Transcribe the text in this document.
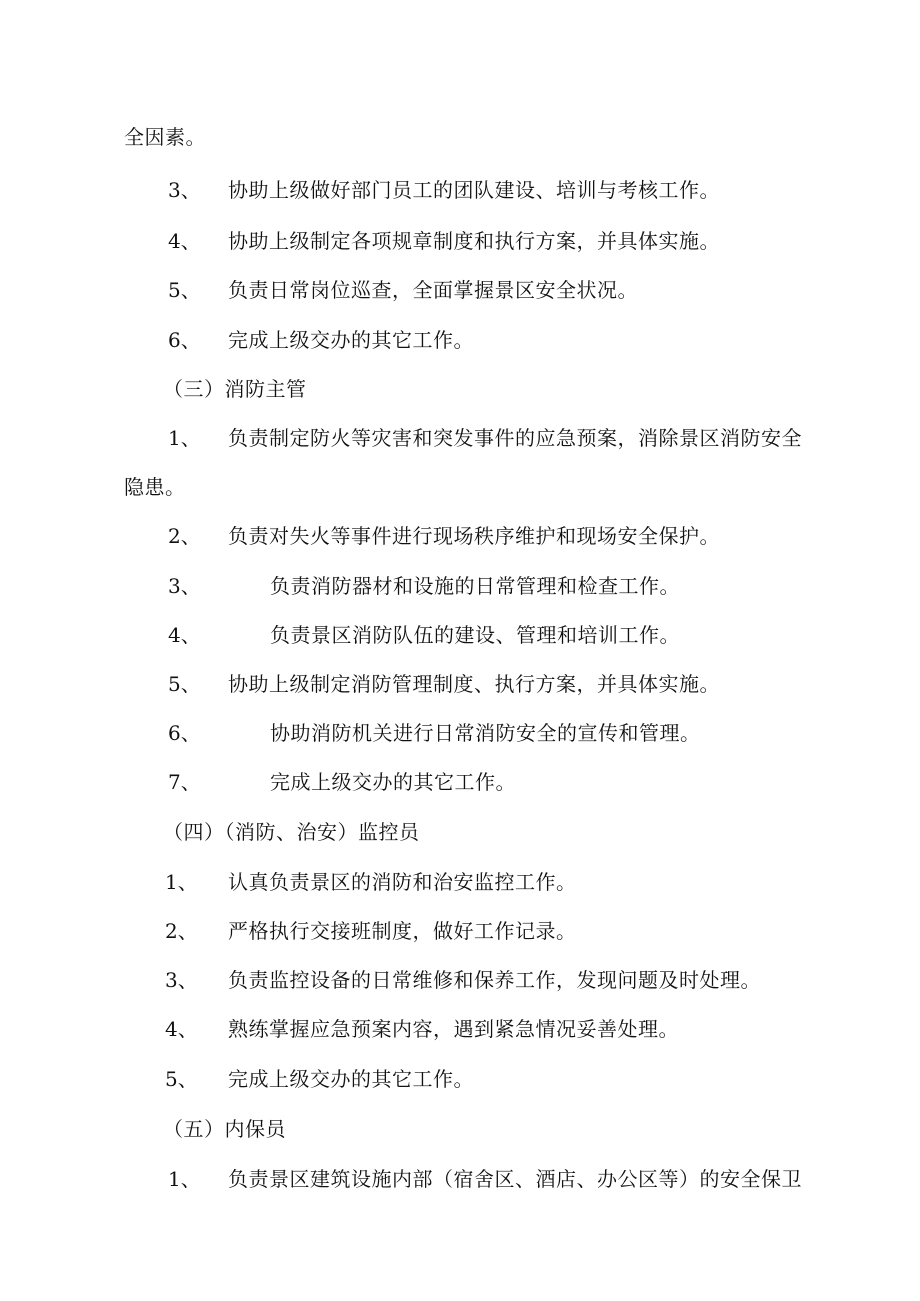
全因素。
3、 协助上级做好部门员工的团队建设、培训与考核工作。
4、 协助上级制定各项规章制度和执行方案，并具体实施。
5、 负责日常岗位巡查，全面掌握景区安全状况。
6、 完成上级交办的其它工作。
（三）消防主管
1、 负责制定防火等灾害和突发事件的应急预案，消除景区消防安全
隐患。
2、 负责对失火等事件进行现场秩序维护和现场安全保护。
3、	负责消防器材和设施的日常管理和检查工作。
4、	负责景区消防队伍的建设、管理和培训工作。
5、 协助上级制定消防管理制度、执行方案，并具体实施。
6、	协助消防机关进行日常消防安全的宣传和管理。
7、	完成上级交办的其它工作。
（四）（消防、治安）监控员
1、 认真负责景区的消防和治安监控工作。
2、 严格执行交接班制度，做好工作记录。
3、 负责监控设备的日常维修和保养工作，发现问题及时处理。
4、 熟练掌握应急预案内容，遇到紧急情况妥善处理。
5、 完成上级交办的其它工作。
（五）内保员
1、 负责景区建筑设施内部（宿舍区、酒店、办公区等）的安全保卫
